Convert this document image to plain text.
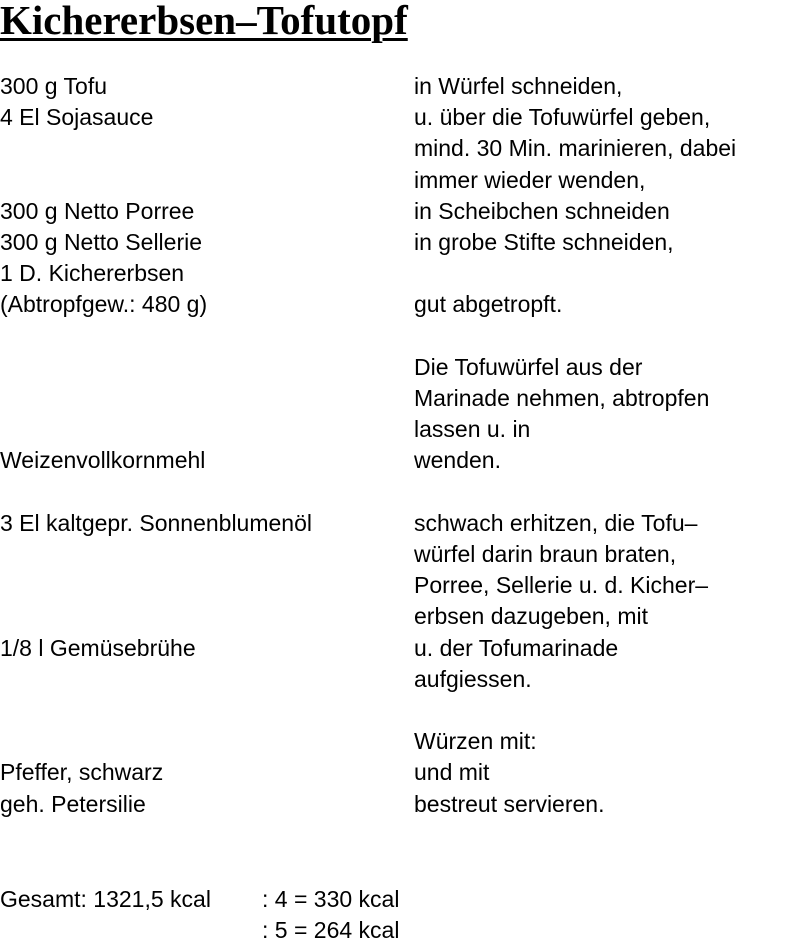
Kichererbsen–Tofutopf
300 g Tofu	in Würfel schneiden,
4 El Sojasauce	u. über die Tofuwürfel geben,
mind. 30 Min. marinieren, dabei
immer wieder wenden,
300 g Netto Porree	in Scheibchen schneiden
300 g Netto Sellerie	in grobe Stifte schneiden,
1 D. Kichererbsen
(Abtropfgew.: 480 g)	gut abgetropft.
Die Tofuwürfel aus der
Marinade nehmen, abtropfen
lassen u. in
Weizenvollkornmehl	wenden.
3 El kaltgepr. Sonnenblumenöl	schwach erhitzen, die Tofu–
würfel darin braun braten,
Porree, Sellerie u. d. Kicher–
erbsen dazugeben, mit
1/8 l Gemüsebrühe	u. der Tofumarinade
aufgiessen.
Würzen mit:
Pfeffer, schwarz	und mit
geh. Petersilie	bestreut servieren.
Gesamt: 1321,5 kcal : 4 = 330 kcal
: 5 = 264 kcal
